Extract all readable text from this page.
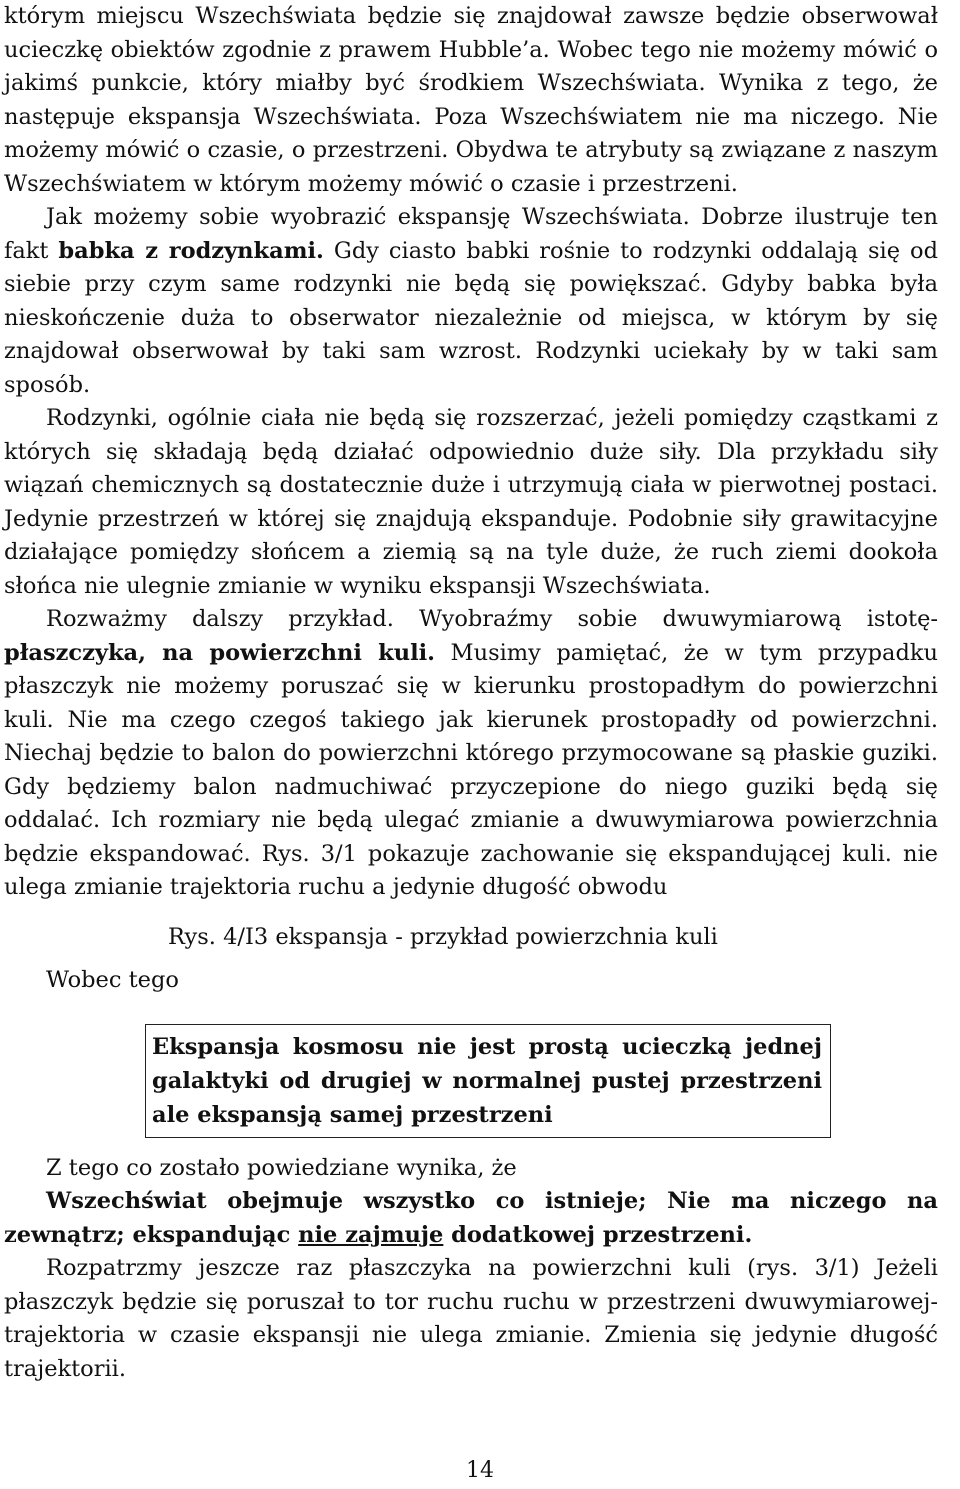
którym miejscu Wszechświata będzie się znajdował zawsze będzie obserwował ucieczkę obiektów zgodnie z prawem Hubble’a. Wobec tego nie możemy mówić o jakimś punkcie, który miałby być środkiem Wszechświata. Wynika z tego, że następuje ekspansja Wszechświata. Poza Wszechświatem nie ma niczego. Nie możemy mówić o czasie, o przestrzeni. Obydwa te atrybuty są związane z naszym Wszechświatem w którym możemy mówić o czasie i przestrzeni.

Jak możemy sobie wyobrazić ekspansję Wszechświata. Dobrze ilustruje ten fakt babka z rodzynkami. Gdy ciasto babki rośnie to rodzynki oddalają się od siebie przy czym same rodzynki nie będą się powiększać. Gdyby babka była nieskończenie duża to obserwator niezależnie od miejsca, w którym by się znajdował obserwował by taki sam wzrost. Rodzynki uciekały by w taki sam sposób.

Rodzynki, ogólnie ciała nie będą się rozszerzać, jeżeli pomiędzy cząstkami z których się składają będą działać odpowiednio duże siły. Dla przykładu siły wiązań chemicznych są dostatecznie duże i utrzymują ciała w pierwotnej postaci. Jedynie przestrzeń w której się znajdują ekspanduje. Podobnie siły grawitacyjne działające pomiędzy słońcem a ziemią są na tyle duże, że ruch ziemi dookoła słońca nie ulegnie zmianie w wyniku ekspansji Wszechświata.

Rozważmy dalszy przykład. Wyobraźmy sobie dwuwymiarową istotę-płaszczyka, na powierzchni kuli. Musimy pamiętać, że w tym przypadku płaszczyk nie możemy poruszać się w kierunku prostopadłym do powierzchni kuli. Nie ma czego czegoś takiego jak kierunek prostopadły od powierzchni. Niechaj będzie to balon do powierzchni którego przymocowane są płaskie guziki. Gdy będziemy balon nadmuchiwać przyczepione do niego guziki będą się oddalać. Ich rozmiary nie będą ulegać zmianie a dwuwymiarowa powierzchnia będzie ekspandować. Rys. 3/1 pokazuje zachowanie się ekspandującej kuli. nie ulega zmianie trajektoria ruchu a jedynie długość obwodu

Rys. 4/I3 ekspansja - przykład powierzchnia kuli
Wobec tego
Ekspansja kosmosu nie jest prostą ucieczką jednej galaktyki od drugiej w normalnej pustej przestrzeni ale ekspansją samej przestrzeni

Z tego co zostało powiedziane wynika, że

Wszechświat obejmuje wszystko co istnieje; Nie ma niczego na zewnątrz; ekspandując nie zajmuje dodatkowej przestrzeni.

Rozpatrzmy jeszcze raz płaszczyka na powierzchni kuli (rys. 3/1) Jeżeli płaszczyk będzie się poruszał to tor ruchu ruchu w przestrzeni dwuwymiarowej-trajektoria w czasie ekspansji nie ulega zmianie. Zmienia się jedynie długość trajektorii.

14
